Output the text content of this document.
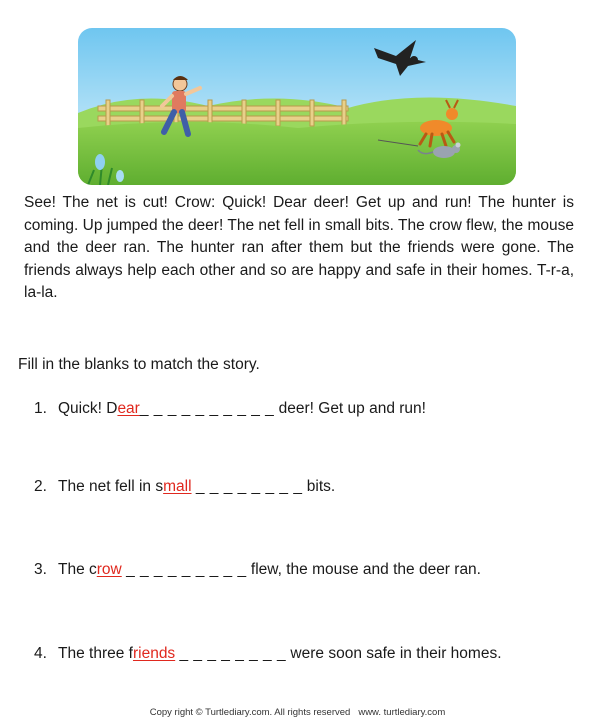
See! The net is cut! Crow: Quick! Dear deer! Get up and run! The hunter is coming. Up jumped the deer! The net fell in small bits. The crow flew, the mouse and the deer ran. The hunter ran after them but the friends were gone. The friends always help each other and so are happy and safe in their homes. T-r-a, la-la.

Fill in the blanks to match the story.

1. Quick! Dear_ _ _ _ _ _ _ _ _ _ deer! Get up and run!
2. The net fell in small _ _ _ _ _ _ _ _ bits.
3. The crow _ _ _ _ _ _ _ _ _ flew, the mouse and the deer ran.
4. The three friends _ _ _ _ _ _ _ _ were soon safe in their homes.
Copy right © Turtlediary.com. All rights reserved www. turtlediary.com
